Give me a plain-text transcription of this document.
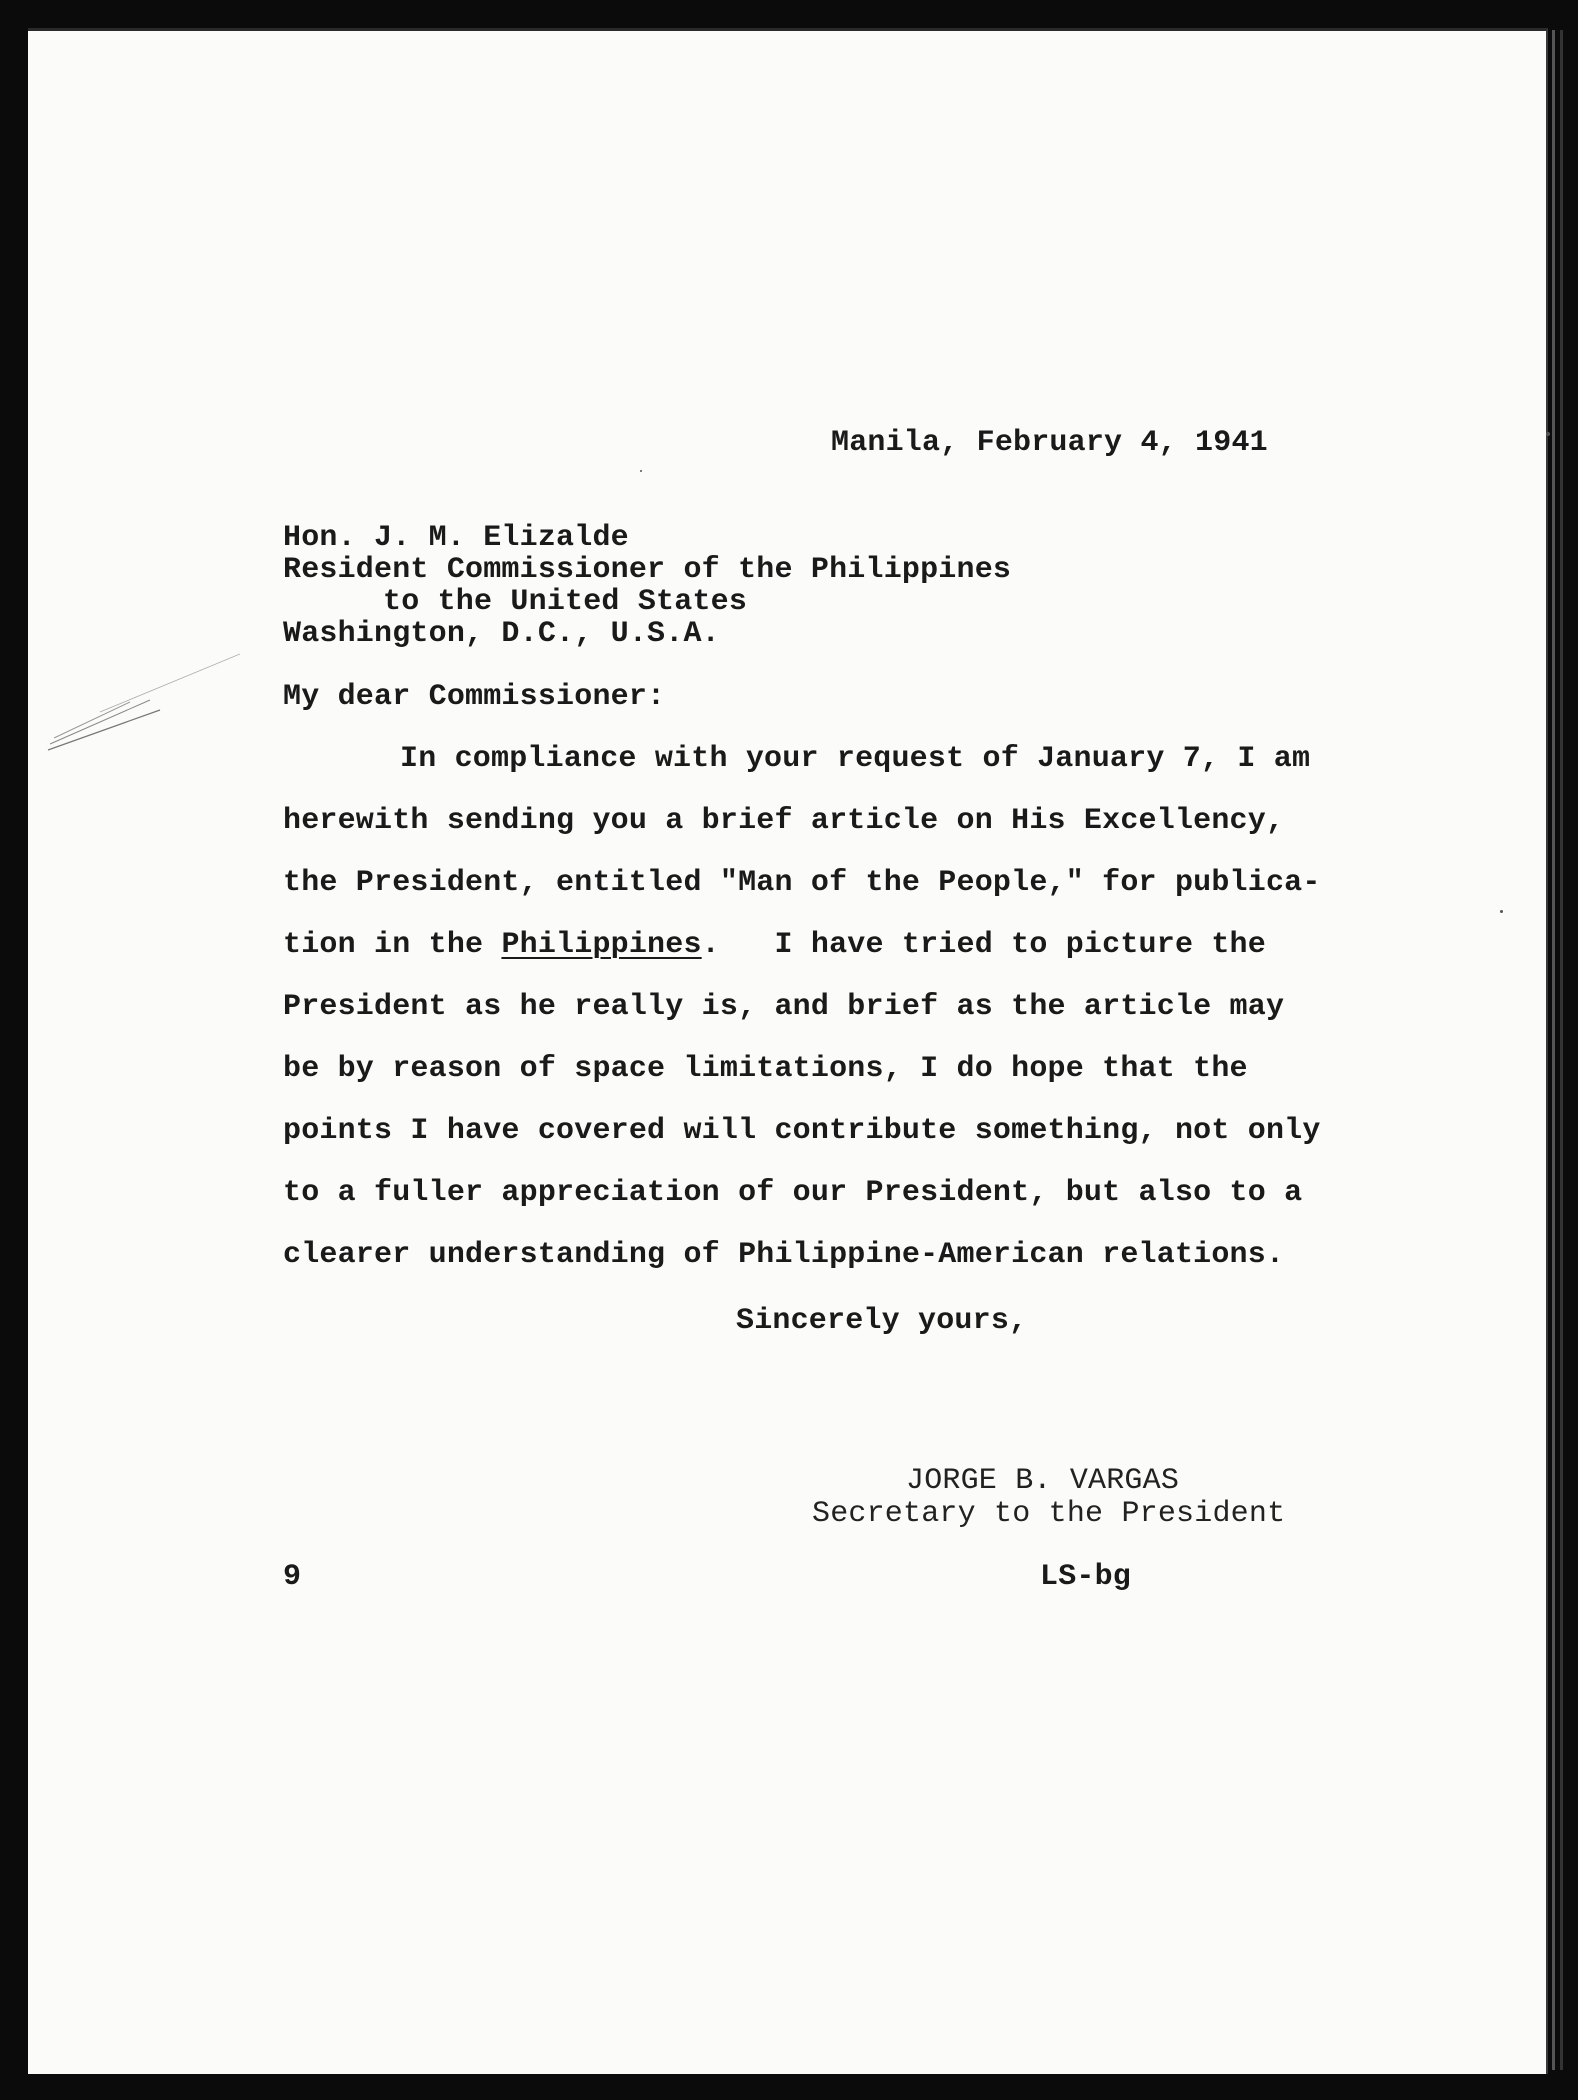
Manila, February 4, 1941
Hon. J. M. Elizalde
Resident Commissioner of the Philippines
to the United States
Washington, D.C., U.S.A.
My dear Commissioner:
In compliance with your request of January 7, I am
herewith sending you a brief article on His Excellency,
the President, entitled "Man of the People," for publica-
tion in the Philippines.   I have tried to picture the
President as he really is, and brief as the article may
be by reason of space limitations, I do hope that the
points I have covered will contribute something, not only
to a fuller appreciation of our President, but also to a
clearer understanding of Philippine-American relations.
Sincerely yours,
JORGE B. VARGAS
Secretary to the President
9	LS-bg
